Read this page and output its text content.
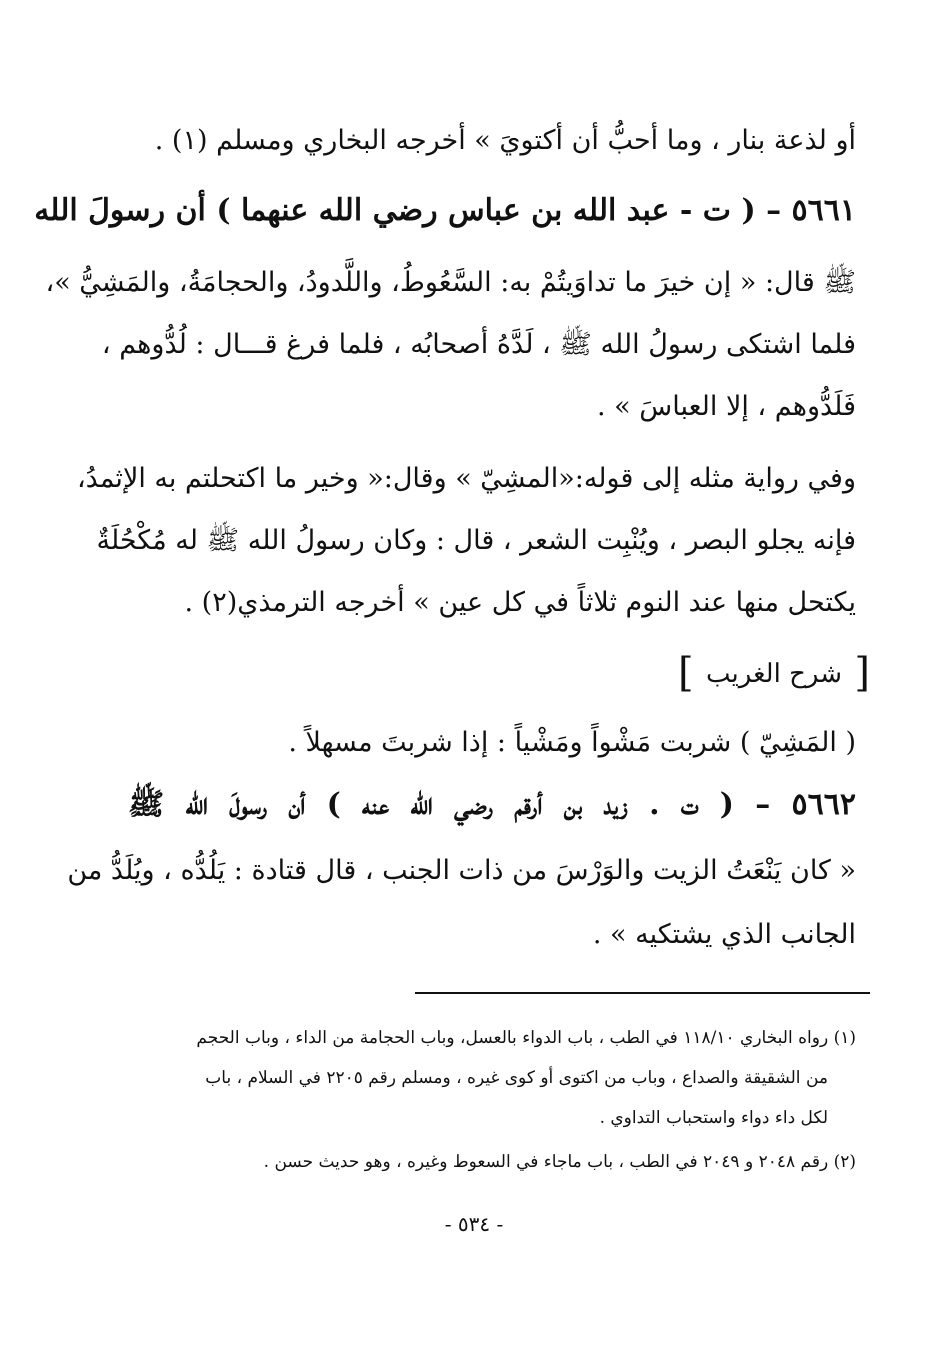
أو لذعة بنار ، وما أحبُّ أن أكتويَ » أخرجه البخاري ومسلم (١) .
٥٦٦١ – ( ت - عبد الله بن عباس رضي الله عنهما ) أن رسولَ الله
ﷺ قال: « إن خيرَ ما تداوَيتُمْ به: السَّعُوطُ، واللَّدودُ، والحجامَةُ، والمَشِيُّ »،
فلما اشتكى رسولُ الله ﷺ ، لَدَّهُ أصحابُه ، فلما فرغ قـــال : لُدُّوهم ،
فَلَدُّوهم ، إلا العباسَ » .
وفي رواية مثله إلى قوله:«المشِيّ » وقال:« وخير ما اكتحلتم به الإثمدُ،
فإنه يجلو البصر ، ويُنْبِت الشعر ، قال : وكان رسولُ الله ﷺ له مُكْحُلَةٌ
يكتحل منها عند النوم ثلاثاً في كل عين » أخرجه الترمذي(٢) .
[ شرح الغريب ]
( المَشِيّ ) شربت مَشْواً ومَشْياً : إذا شربتَ مسهلاً .
٥٦٦٢ – ( ت . زيد بن أرقم رضي الله عنه ) أن رسولَ الله ﷺ
« كان يَنْعَتُ الزيت والوَرْسَ من ذات الجنب ، قال قتادة : يَلُدُّه ، ويُلَدُّ من
الجانب الذي يشتكيه » .
(١) رواه البخاري ١١٨/١٠ في الطب ، باب الدواء بالعسل، وباب الحجامة من الداء ، وباب الحجم
من الشقيقة والصداع ، وباب من اكتوى أو كوى غيره ، ومسلم رقم ٢٢٠٥ في السلام ، باب
لكل داء دواء واستحباب التداوي .
(٢) رقم ٢٠٤٨ و ٢٠٤٩ في الطب ، باب ماجاء في السعوط وغيره ، وهو حديث حسن .
- ٥٣٤ -
